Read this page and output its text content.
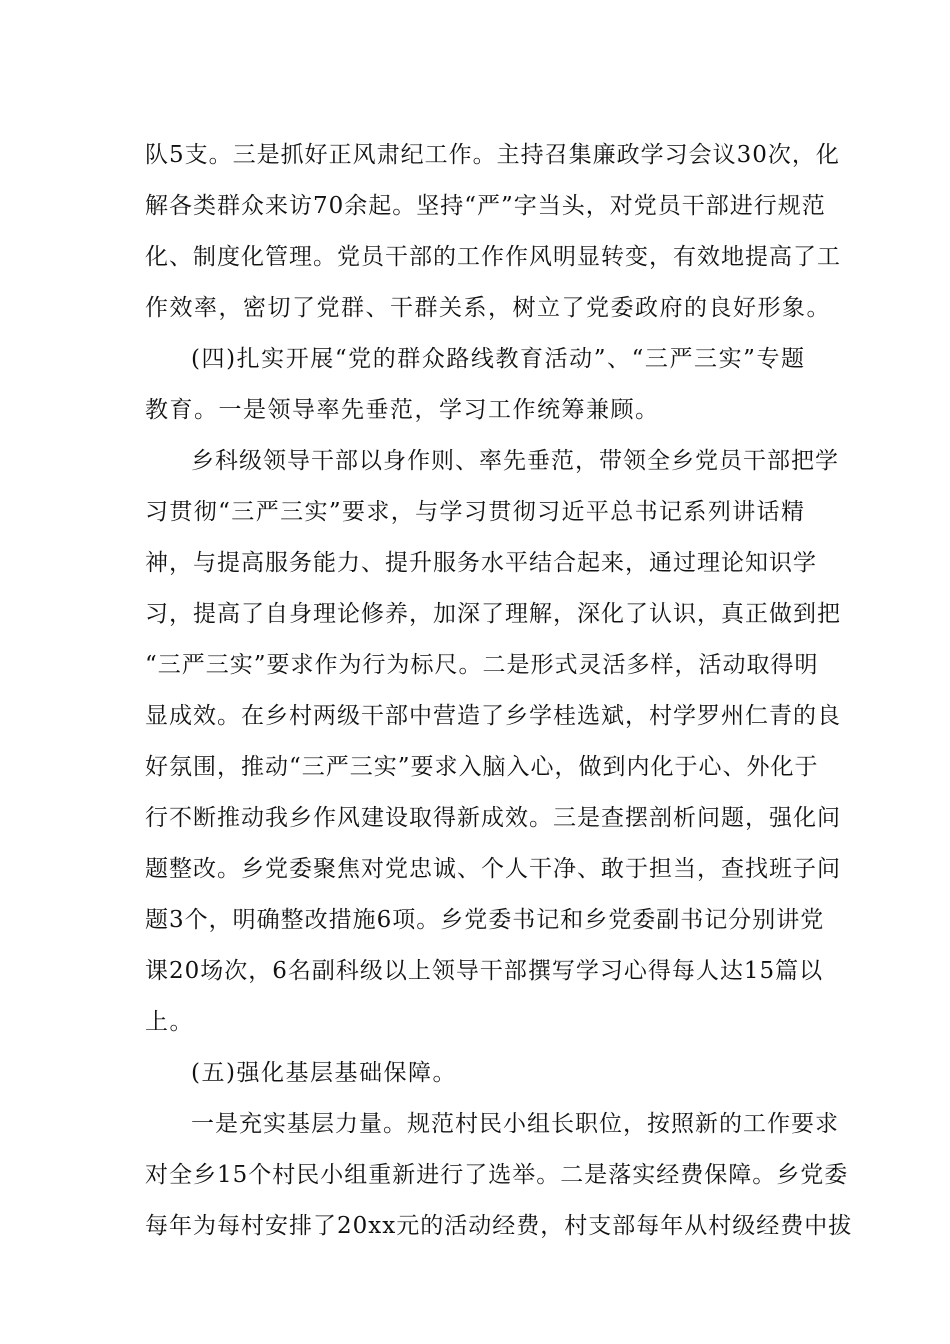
队5支。三是抓好正风肃纪工作。主持召集廉政学习会议30次，化
解各类群众来访70余起。坚持“严”字当头，对党员干部进行规范
化、制度化管理。党员干部的工作作风明显转变，有效地提高了工
作效率，密切了党群、干群关系，树立了党委政府的良好形象。
(四)扎实开展“党的群众路线教育活动”、“三严三实”专题
教育。一是领导率先垂范，学习工作统筹兼顾。
乡科级领导干部以身作则、率先垂范，带领全乡党员干部把学
习贯彻“三严三实”要求，与学习贯彻习近平总书记系列讲话精
神，与提高服务能力、提升服务水平结合起来，通过理论知识学
习，提高了自身理论修养，加深了理解，深化了认识，真正做到把
“三严三实”要求作为行为标尺。二是形式灵活多样，活动取得明
显成效。在乡村两级干部中营造了乡学桂选斌，村学罗州仁青的良
好氛围，推动“三严三实”要求入脑入心，做到内化于心、外化于
行不断推动我乡作风建设取得新成效。三是查摆剖析问题，强化问
题整改。乡党委聚焦对党忠诚、个人干净、敢于担当，查找班子问
题3个，明确整改措施6项。乡党委书记和乡党委副书记分别讲党
课20场次，6名副科级以上领导干部撰写学习心得每人达15篇以
上。
(五)强化基层基础保障。
一是充实基层力量。规范村民小组长职位，按照新的工作要求
对全乡15个村民小组重新进行了选举。二是落实经费保障。乡党委
每年为每村安排了20xx元的活动经费，村支部每年从村级经费中拔
